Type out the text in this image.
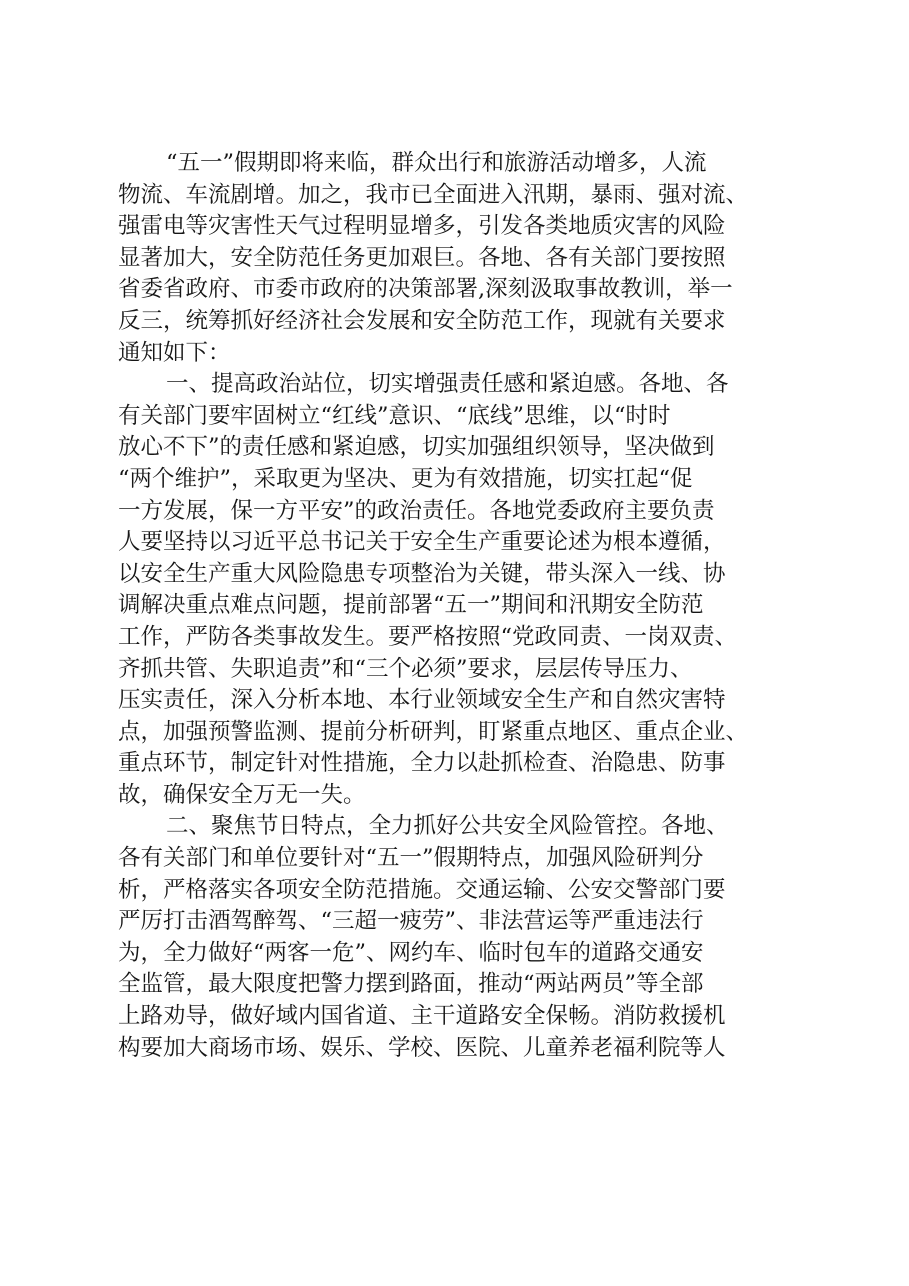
“五一”假期即将来临，群众出行和旅游活动增多，人流
物流、车流剧增。加之，我市已全面进入汛期，暴雨、强对流、
强雷电等灾害性天气过程明显增多，引发各类地质灾害的风险
显著加大，安全防范任务更加艰巨。各地、各有关部门要按照
省委省政府、市委市政府的决策部署,深刻汲取事故教训，举一
反三，统筹抓好经济社会发展和安全防范工作，现就有关要求
通知如下：
一、提高政治站位，切实增强责任感和紧迫感。各地、各
有关部门要牢固树立“红线”意识、“底线”思维，以“时时
放心不下”的责任感和紧迫感，切实加强组织领导，坚决做到
“两个维护”，采取更为坚决、更为有效措施，切实扛起“促
一方发展，保一方平安”的政治责任。各地党委政府主要负责
人要坚持以习近平总书记关于安全生产重要论述为根本遵循，
以安全生产重大风险隐患专项整治为关键，带头深入一线、协
调解决重点难点问题，提前部署“五一”期间和汛期安全防范
工作，严防各类事故发生。要严格按照“党政同责、一岗双责、
齐抓共管、失职追责”和“三个必须”要求，层层传导压力、
压实责任，深入分析本地、本行业领域安全生产和自然灾害特
点，加强预警监测、提前分析研判，盯紧重点地区、重点企业、
重点环节，制定针对性措施，全力以赴抓检查、治隐患、防事
故，确保安全万无一失。
二、聚焦节日特点，全力抓好公共安全风险管控。各地、
各有关部门和单位要针对“五一”假期特点，加强风险研判分
析，严格落实各项安全防范措施。交通运输、公安交警部门要
严厉打击酒驾醉驾、“三超一疲劳”、非法营运等严重违法行
为，全力做好“两客一危”、网约车、临时包车的道路交通安
全监管，最大限度把警力摆到路面，推动“两站两员”等全部
上路劝导，做好域内国省道、主干道路安全保畅。消防救援机
构要加大商场市场、娱乐、学校、医院、儿童养老福利院等人
